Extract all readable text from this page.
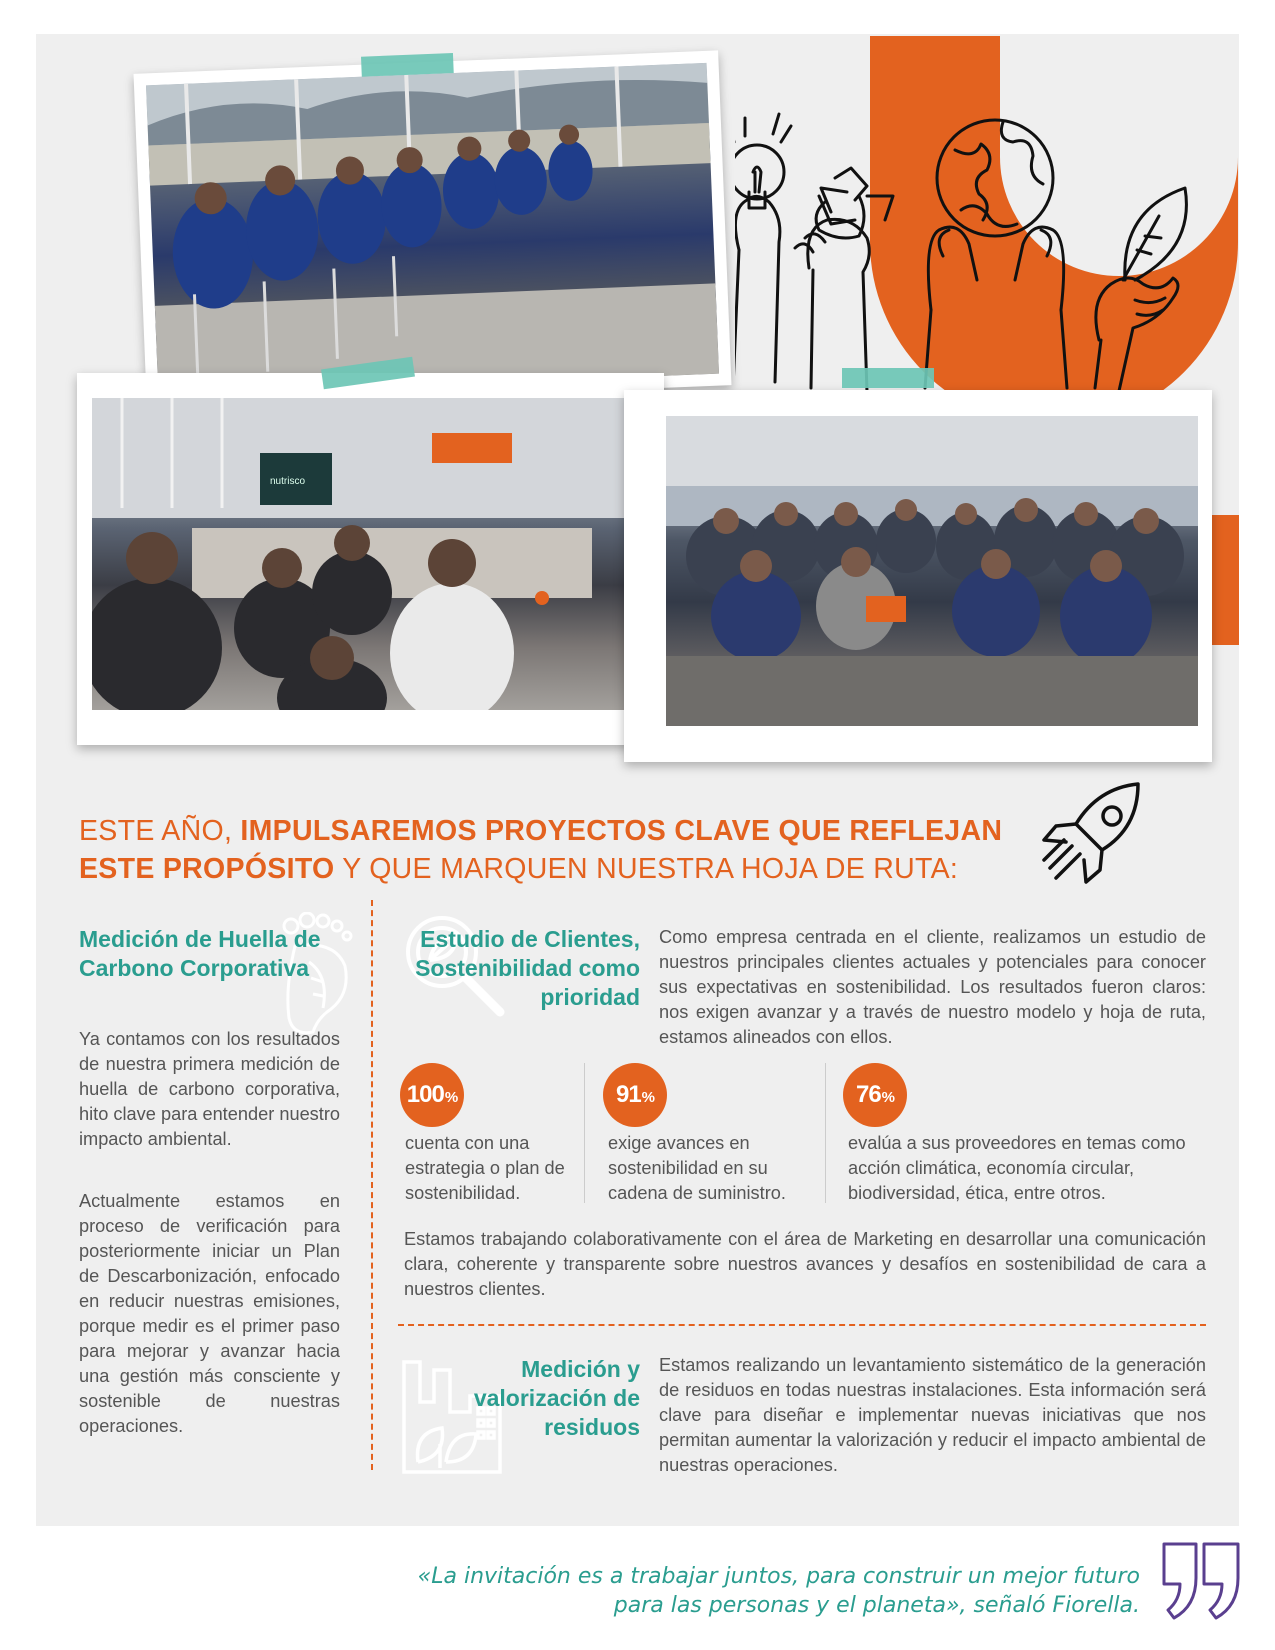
nutrisco
ESTE AÑO, IMPULSAREMOS PROYECTOS CLAVE QUE REFLEJAN ESTE PROPÓSITO Y QUE MARQUEN NUESTRA HOJA DE RUTA:
Medición de Huella de Carbono Corporativa

Ya contamos con los resultados de nuestra primera medición de huella de carbono corporativa, hito clave para entender nuestro impacto ambiental.

Actualmente estamos en proceso de verificación para posteriormente iniciar un Plan de Descarbonización, enfocado en reducir nuestras emisiones, porque medir es el primer paso para mejorar y avanzar hacia una gestión más consciente y sostenible de nuestras operaciones.

Estudio de Clientes, Sostenibilidad como prioridad

Como empresa centrada en el cliente, realizamos un estudio de nuestros principales clientes actuales y potenciales para conocer sus expectativas en sostenibilidad. Los resultados fueron claros: nos exigen avanzar y a través de nuestro modelo y hoja de ruta, estamos alineados con ellos.

100 %
cuenta con una estrategia o plan de sostenibilidad.
91 %
exige avances en sostenibilidad en su cadena de suministro.
76 %
evalúa a sus proveedores en temas como acción climática, economía circular, biodiversidad, ética, entre otros.

Estamos trabajando colaborativamente con el área de Marketing en desarrollar una comunicación clara, coherente y transparente sobre nuestros avances y desafíos en sostenibilidad de cara a nuestros clientes.

Medición y valorización de residuos

Estamos realizando un levantamiento sistemático de la generación de residuos en todas nuestras instalaciones. Esta información será clave para diseñar e implementar nuevas iniciativas que nos permitan aumentar la valorización y reducir el impacto ambiental de nuestras operaciones.

«La invitación es a trabajar juntos, para construir un mejor futuro para las personas y el planeta», señaló Fiorella.
